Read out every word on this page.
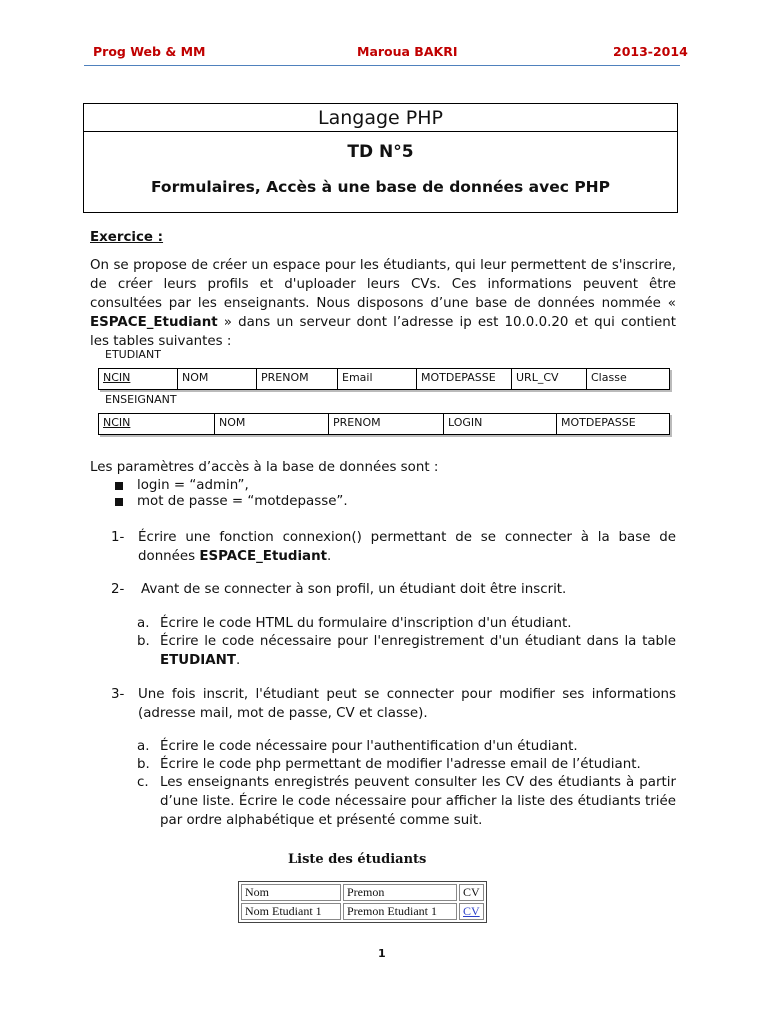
Prog Web & MM	Maroua BAKRI	2013-2014
Langage PHP
TD N°5
Formulaires, Accès à une base de données avec PHP
Exercice :
On se propose de créer un espace pour les étudiants, qui leur permettent de s'inscrire, de créer leurs profils et d'uploader leurs CVs. Ces informations peuvent être consultées par les enseignants. Nous disposons d’une base de données nommée « ESPACE_Etudiant » dans un serveur dont l’adresse ip est 10.0.0.20 et qui contient les tables suivantes :
ETUDIANT
NCIN	NOM	PRENOM	Email	MOTDEPASSE	URL_CV	Classe
ENSEIGNANT
NCIN	NOM	PRENOM	LOGIN	MOTDEPASSE
Les paramètres d’accès à la base de données sont :
login = “admin”,
mot de passe = “motdepasse”.
1- Écrire une fonction connexion() permettant de se connecter à la base de données ESPACE_Etudiant.
2- Avant de se connecter à son profil, un étudiant doit être inscrit.
a. Écrire le code HTML du formulaire d'inscription d'un étudiant.
b. Écrire le code nécessaire pour l'enregistrement d'un étudiant dans la table ETUDIANT.
3- Une fois inscrit, l'étudiant peut se connecter pour modifier ses informations (adresse mail, mot de passe, CV et classe).
a. Écrire le code nécessaire pour l'authentification d'un étudiant.
b. Écrire le code php permettant de modifier l'adresse email de l’étudiant.
c. Les enseignants enregistrés peuvent consulter les CV des étudiants à partir d’une liste. Écrire le code nécessaire pour afficher la liste des étudiants triée par ordre alphabétique et présenté comme suit.
Liste des étudiants
Nom	Premon	CV
Nom Etudiant 1	Premon Etudiant 1	CV
1
